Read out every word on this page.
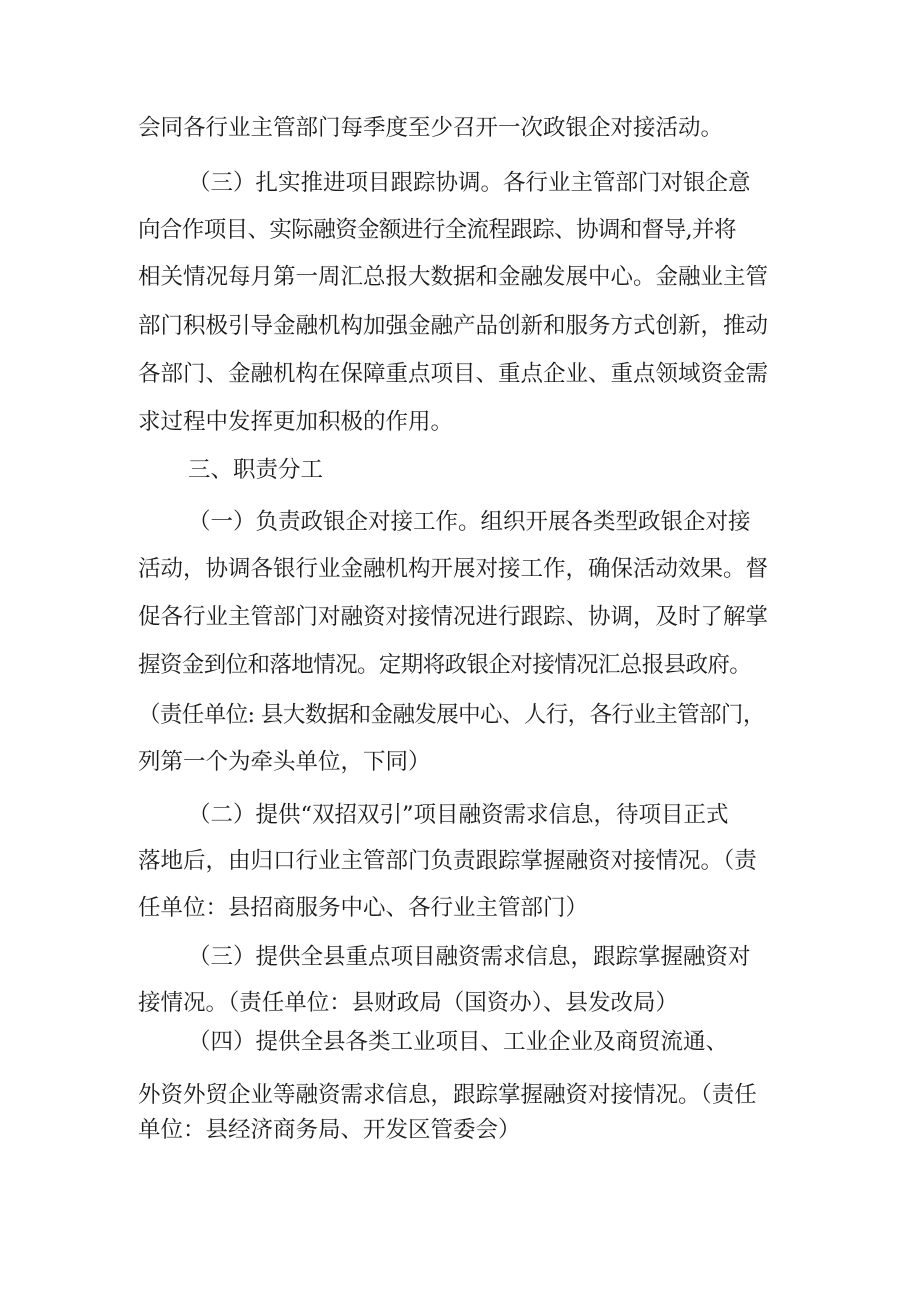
会同各行业主管部门每季度至少召开一次政银企对接活动。
（三）扎实推进项目跟踪协调。各行业主管部门对银企意
向合作项目、实际融资金额进行全流程跟踪、协调和督导,并将
相关情况每月第一周汇总报大数据和金融发展中心。金融业主管
部门积极引导金融机构加强金融产品创新和服务方式创新，推动
各部门、金融机构在保障重点项目、重点企业、重点领域资金需
求过程中发挥更加积极的作用。
三、职责分工
（一）负责政银企对接工作。组织开展各类型政银企对接
活动，协调各银行业金融机构开展对接工作，确保活动效果。督
促各行业主管部门对融资对接情况进行跟踪、协调，及时了解掌
握资金到位和落地情况。定期将政银企对接情况汇总报县政府。
（责任单位: 县大数据和金融发展中心、人行，各行业主管部门，
列第一个为牵头单位，下同）
（二）提供“双招双引”项目融资需求信息，待项目正式
落地后，由归口行业主管部门负责跟踪掌握融资对接情况。（责
任单位：县招商服务中心、各行业主管部门）
（三）提供全县重点项目融资需求信息，跟踪掌握融资对
接情况。（责任单位：县财政局（国资办）、县发改局）
（四）提供全县各类工业项目、工业企业及商贸流通、
外资外贸企业等融资需求信息，跟踪掌握融资对接情况。（责任
单位：县经济商务局、开发区管委会）
